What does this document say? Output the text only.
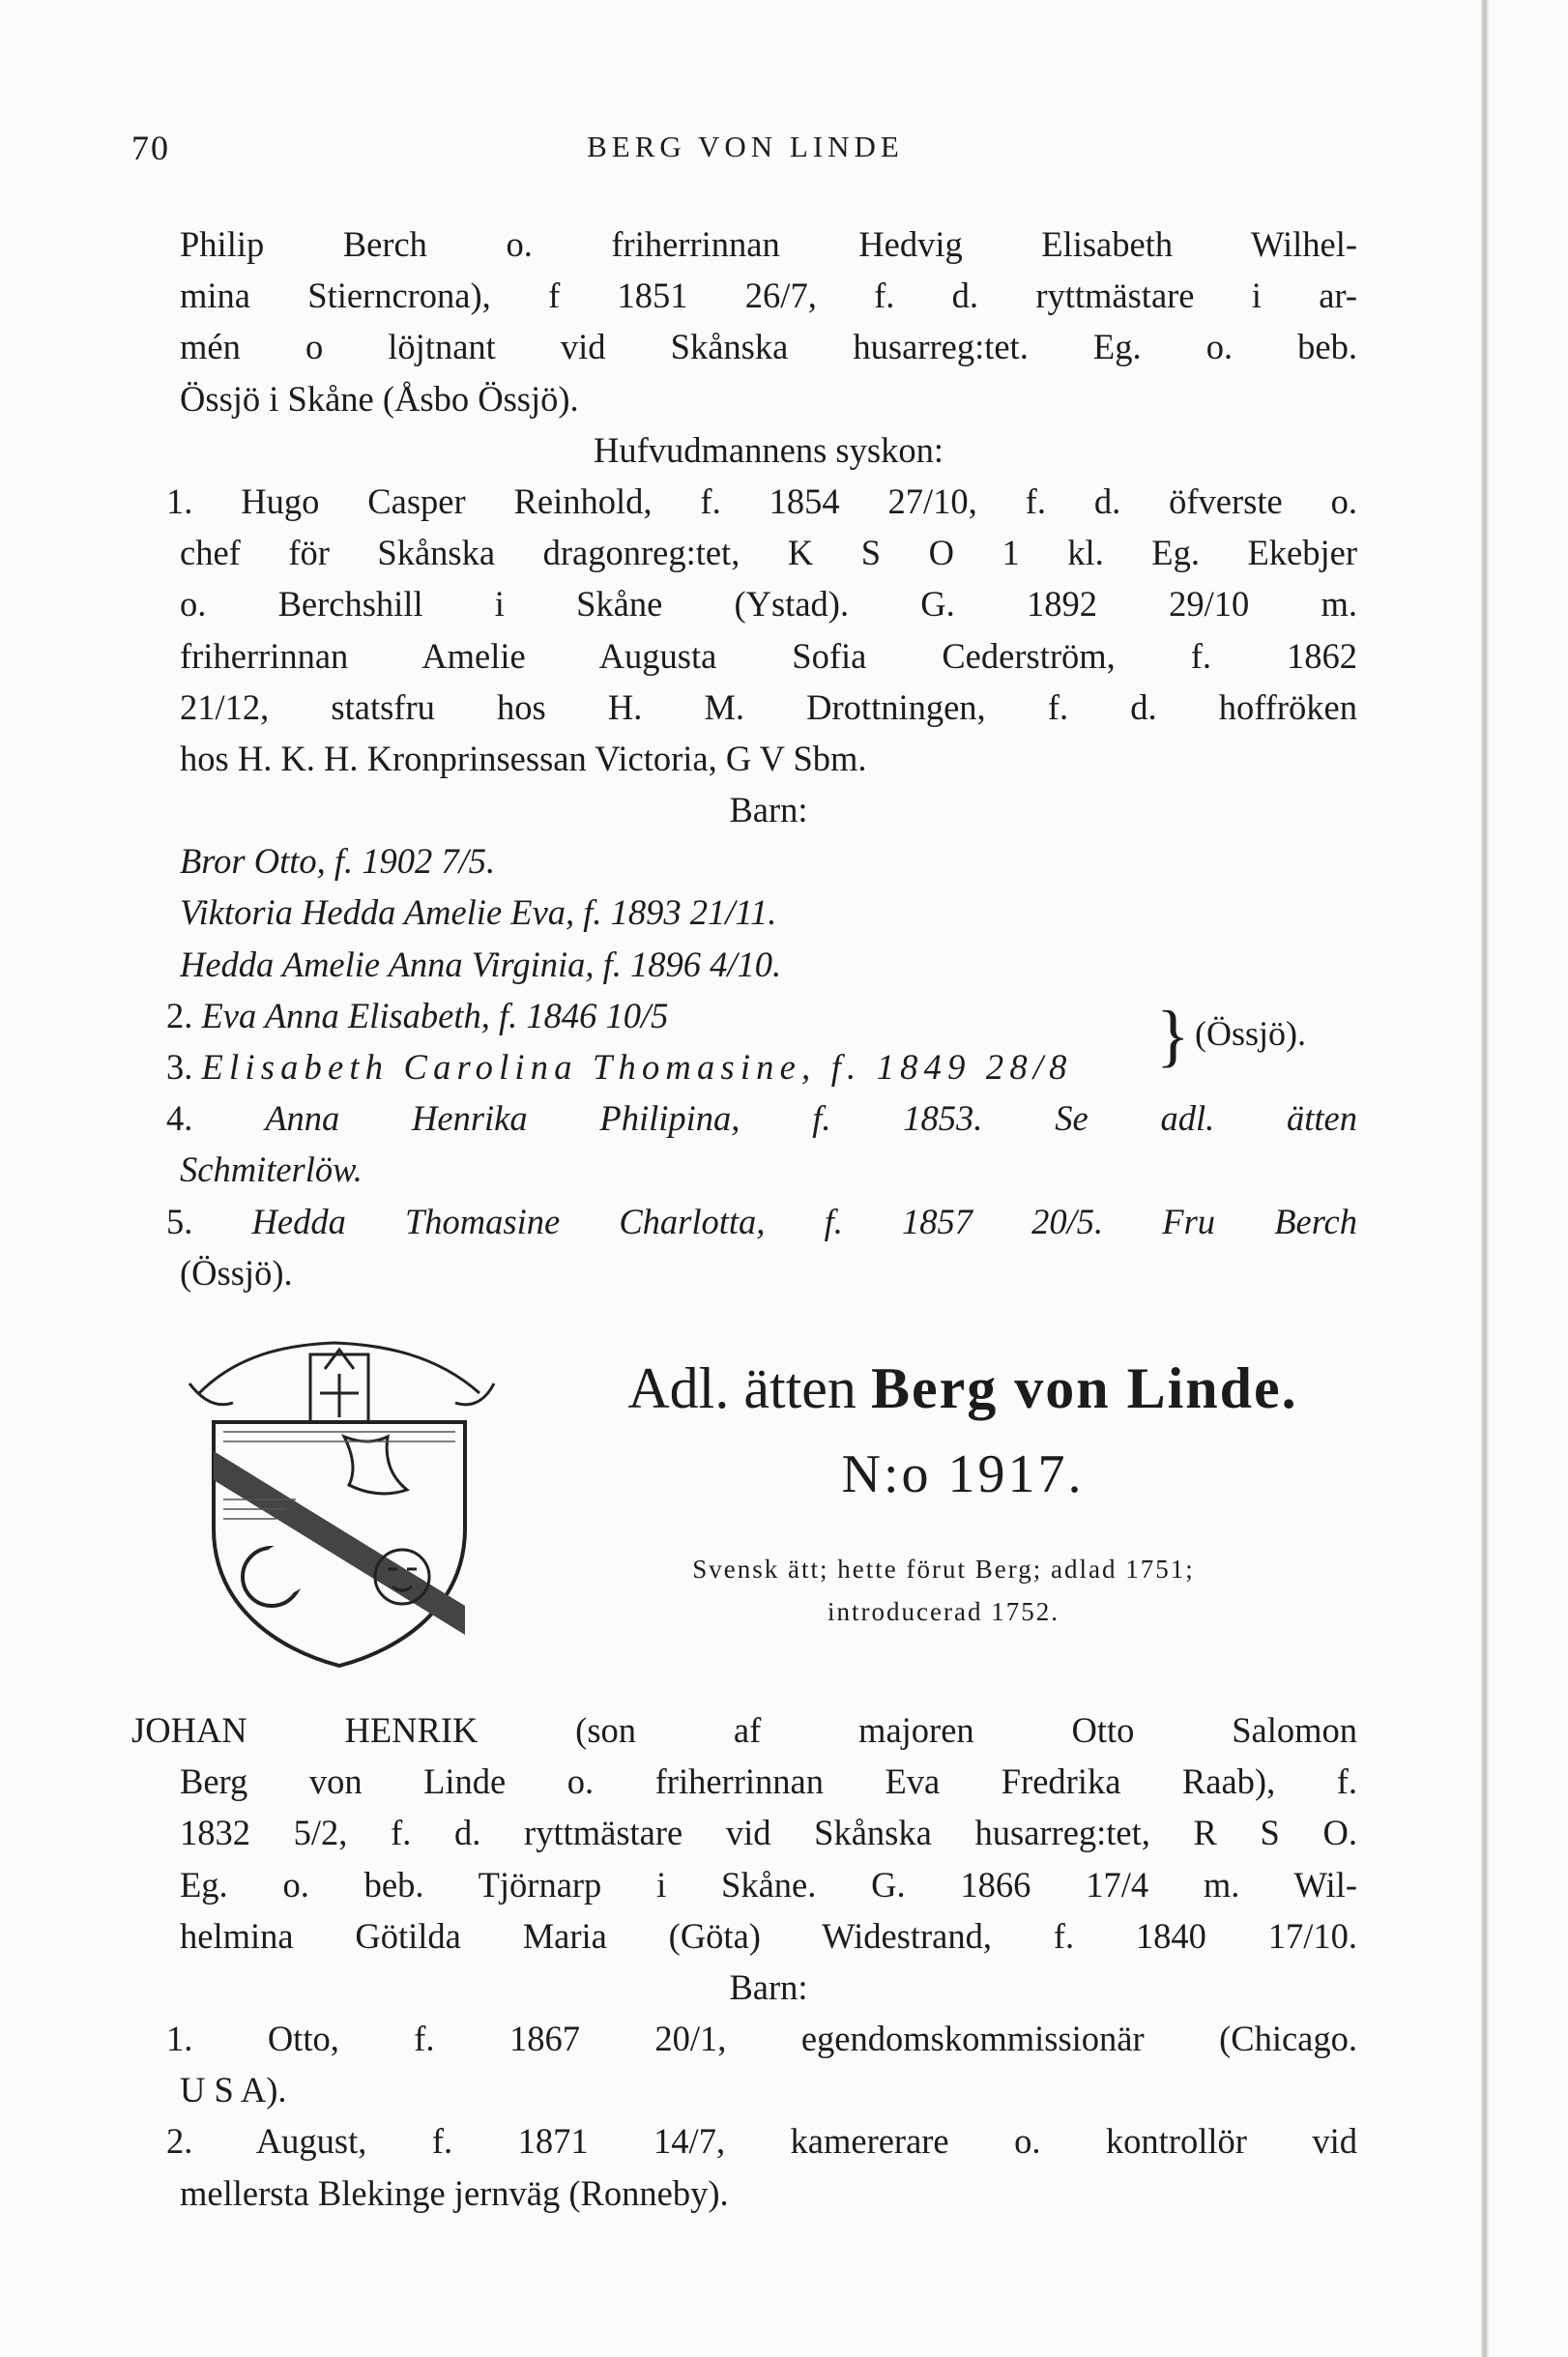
70	BERG VON LINDE
Philip Berch o. friherrinnan Hedvig Elisabeth Wilhel-
mina Stierncrona), f 1851 26/7, f. d. ryttmästare i ar-
mén o löjtnant vid Skånska husarreg:tet. Eg. o. beb.
Össjö i Skåne (Åsbo Össjö).
Hufvudmannens syskon:
1. Hugo Casper Reinhold, f. 1854 27/10, f. d. öfverste o.
chef för Skånska dragonreg:tet, K S O 1 kl. Eg. Ekebjer
o. Berchshill i Skåne (Ystad). G. 1892 29/10 m.
friherrinnan Amelie Augusta Sofia Cederström, f. 1862
21/12, statsfru hos H. M. Drottningen, f. d. hoffröken
hos H. K. H. Kronprinsessan Victoria, G V Sbm.
Barn:
Bror Otto, f. 1902 7/5.
Viktoria Hedda Amelie Eva, f. 1893 21/11.
Hedda Amelie Anna Virginia, f. 1896 4/10.
2. Eva Anna Elisabeth, f. 1846 10/5
3. Elisabeth Carolina Thomasine, f. 1849 28/8	} (Össjö).
4. Anna Henrika Philipina, f. 1853. Se adl. ätten
Schmiterlöw.
5. Hedda Thomasine Charlotta, f. 1857 20/5. Fru Berch
(Össjö).
Adl. ätten Berg von Linde.
N:o 1917.
Svensk ätt; hette förut Berg; adlad 1751;
introducerad 1752.
JOHAN HENRIK (son af majoren Otto Salomon
Berg von Linde o. friherrinnan Eva Fredrika Raab), f.
1832 5/2, f. d. ryttmästare vid Skånska husarreg:tet, R S O.
Eg. o. beb. Tjörnarp i Skåne. G. 1866 17/4 m. Wil-
helmina Götilda Maria (Göta) Widestrand, f. 1840 17/10.
Barn:
1. Otto, f. 1867 20/1, egendomskommissionär (Chicago.
U S A).
2. August, f. 1871 14/7, kamererare o. kontrollör vid
mellersta Blekinge jernväg (Ronneby).
